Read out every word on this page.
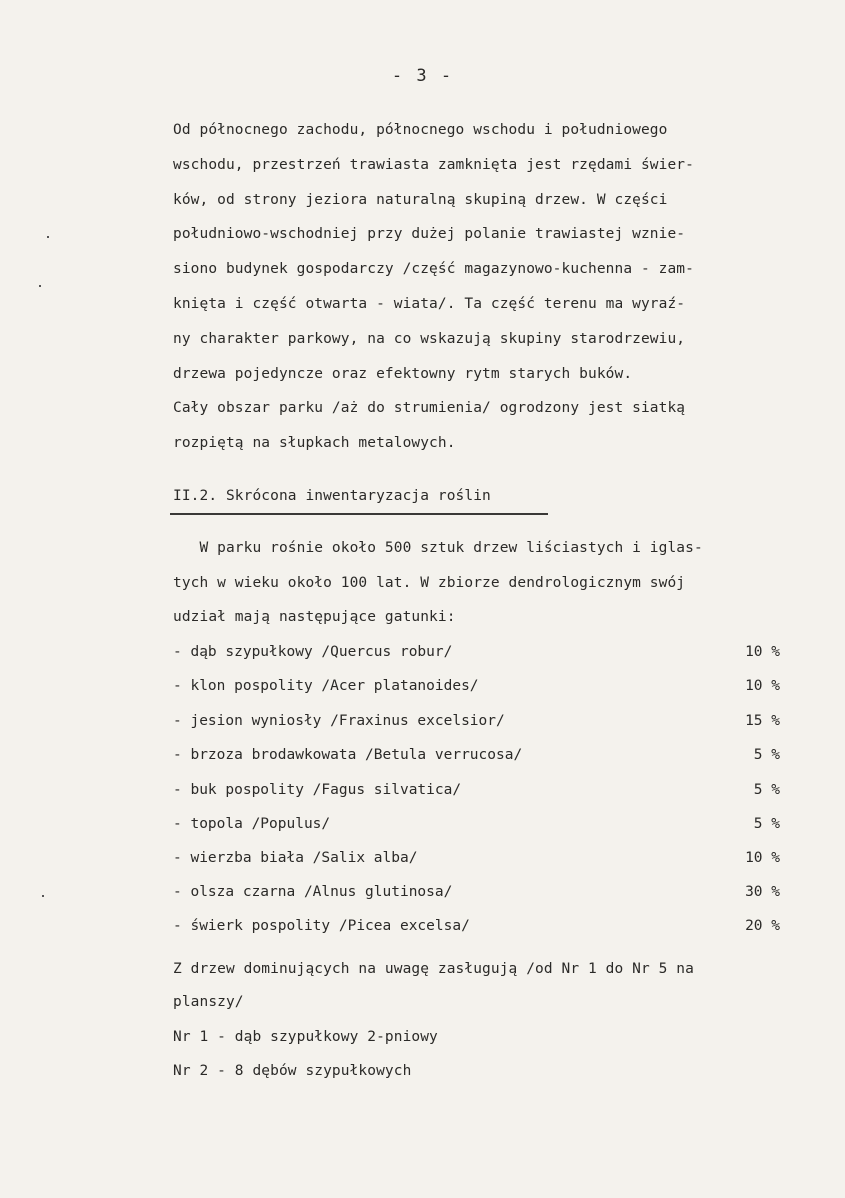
- 3 -
Od północnego zachodu, północnego wschodu i południowego
wschodu, przestrzeń trawiasta zamknięta jest rzędami świer-
ków, od strony jeziora naturalną skupiną drzew. W części
południowo-wschodniej przy dużej polanie trawiastej wznie-
siono budynek gospodarczy /część magazynowo-kuchenna - zam-
knięta i część otwarta - wiata/. Ta część terenu ma wyraź-
ny charakter parkowy, na co wskazują skupiny starodrzewiu,
drzewa pojedyncze oraz efektowny rytm starych buków.
Cały obszar parku /aż do strumienia/ ogrodzony jest siatką
rozpiętą na słupkach metalowych.
II.2. Skrócona inwentaryzacja roślin
W parku rośnie około 500 sztuk drzew liściastych i iglas-
tych w wieku około 100 lat. W zbiorze dendrologicznym swój
udział mają następujące gatunki:
- dąb szypułkowy /Quercus robur/	10 %
- klon pospolity /Acer platanoides/	10 %
- jesion wyniosły /Fraxinus excelsior/	15 %
- brzoza brodawkowata /Betula verrucosa/	5 %
- buk pospolity /Fagus silvatica/	5 %
- topola /Populus/	5 %
- wierzba biała /Salix alba/	10 %
- olsza czarna /Alnus glutinosa/	30 %
- świerk pospolity /Picea excelsa/	20 %
Z drzew dominujących na uwagę zasługują /od Nr 1 do Nr 5 na
planszy/
Nr 1 - dąb szypułkowy 2-pniowy
Nr 2 - 8 dębów szypułkowych
